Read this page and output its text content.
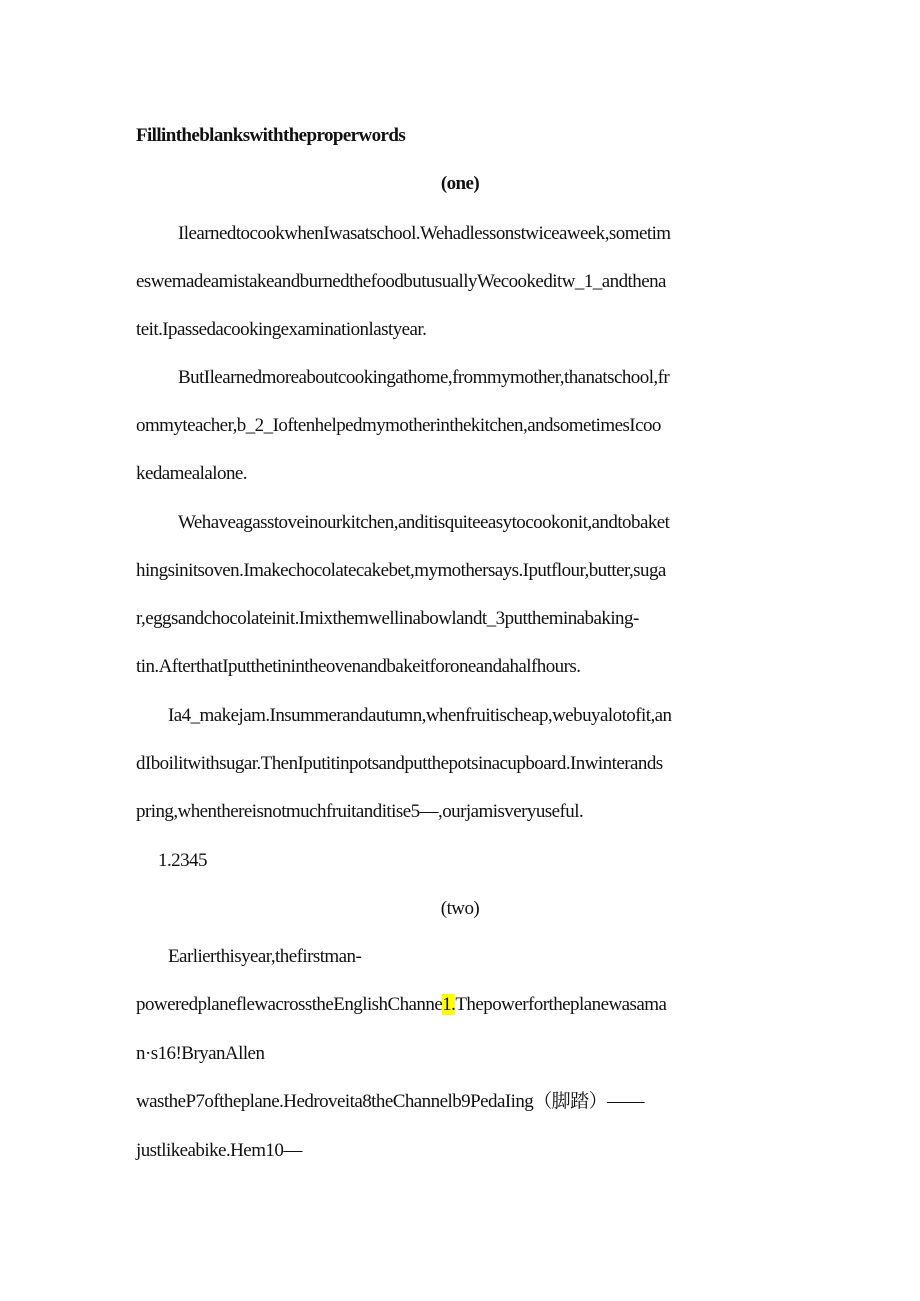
Fillintheblankswiththeproperwords
(one)
IlearnedtocookwhenIwasatschool.Wehadlessonstwiceaweek,sometim
eswemadeamistakeandburnedthefoodbutusuallyWecookeditw_1_andthena
teit.Ipassedacookingexaminationlastyear.
ButIlearnedmoreaboutcookingathome,frommymother,thanatschool,fr
ommyteacher,b_2_Ioftenhelpedmymotherinthekitchen,andsometimesIcoo
kedamealalone.
Wehaveagasstoveinourkitchen,anditisquiteeasytocookonit,andtobaket
hingsinitsoven.Imakechocolatecakebet,mymothersays.Iputflour,butter,suga
r,eggsandchocolateinit.Imixthemwellinabowlandt_3puttheminabaking-
tin.AfterthatIputthetinintheovenandbakeitforoneandahalfhours.
Ia4_makejam.Insummerandautumn,whenfruitischeap,webuyalotofit,an
dIboilitwithsugar.ThenIputitinpotsandputthepotsinacupboard.Inwinterands
pring,whenthereisnotmuchfruitanditise5—,ourjamisveryuseful.
1.2345
(two)
Earlierthisyear,thefirstman-
poweredplaneflewacrosstheEnglishChanne1.Thepowerfortheplanewasama
n·s16!BryanAllen
wastheP7oftheplane.Hedroveita8theChannelb9PedaIing（脚踏）——
justlikeabike.Hem10—
